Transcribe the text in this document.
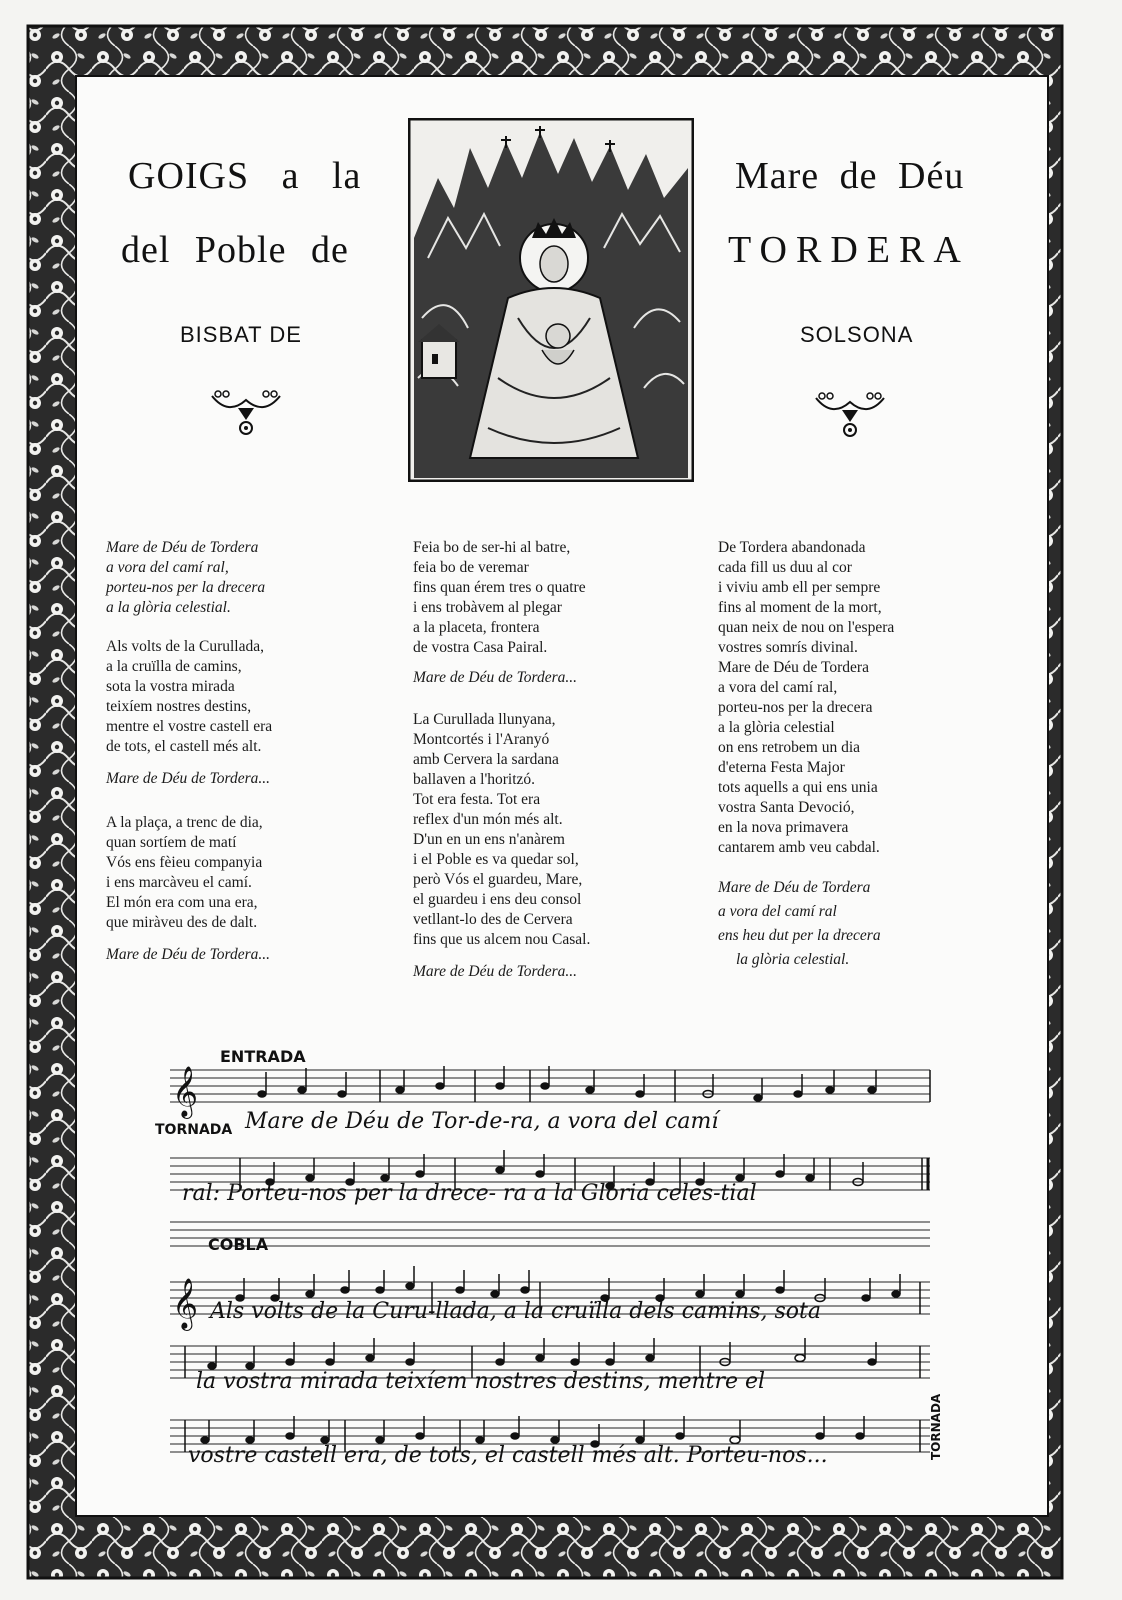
GOIGS a la
del Poble de
Mare de Déu
TORDERA
BISBAT DE	SOLSONA
Mare de Déu de Tordera
a vora del camí ral,
porteu-nos per la drecera
a la glòria celestial.
Als volts de la Curullada,
a la cruïlla de camins,
sota la vostra mirada
teixíem nostres destins,
mentre el vostre castell era
de tots, el castell més alt.
Mare de Déu de Tordera...
A la plaça, a trenc de dia,
quan sortíem de matí
Vós ens fèieu companyia
i ens marcàveu el camí.
El món era com una era,
que miràveu des de dalt.
Mare de Déu de Tordera...
Feia bo de ser-hi al batre,
feia bo de veremar
fins quan érem tres o quatre
i ens trobàvem al plegar
a la placeta, frontera
de vostra Casa Pairal.
Mare de Déu de Tordera...
La Curullada llunyana,
Montcortés i l'Aranyó
amb Cervera la sardana
ballaven a l'horitzó.
Tot era festa. Tot era
reflex d'un món més alt.
D'un en un ens n'anàrem
i el Poble es va quedar sol,
però Vós el guardeu, Mare,
el guardeu i ens deu consol
vetllant-lo des de Cervera
fins que us alcem nou Casal.
Mare de Déu de Tordera...
De Tordera abandonada
cada fill us duu al cor
i viviu amb ell per sempre
fins al moment de la mort,
quan neix de nou on l'espera
vostres somrís divinal.
Mare de Déu de Tordera
a vora del camí ral,
porteu-nos per la drecera
a la glòria celestial
on ens retrobem un dia
d'eterna Festa Major
tots aquells a qui ens unia
vostra Santa Devoció,
en la nova primavera
cantarem amb veu cabdal.
Mare de Déu de Tordera
a vora del camí ral
ens heu dut per la drecera
la glòria celestial.
𝄞
𝄞
ENTRADA
TORNADA
COBLA
TORNADA
Mare de Déu de Tor-de-ra, a vora del camí
ral: Porteu-nos per la drece- ra a la Glòria celes-tial
Als volts de la Curu-llada, a la cruïlla dels camins, sota
la vostra mirada teixíem nostres destins, mentre el
vostre castell era, de tots, el castell més alt. Porteu-nos...
